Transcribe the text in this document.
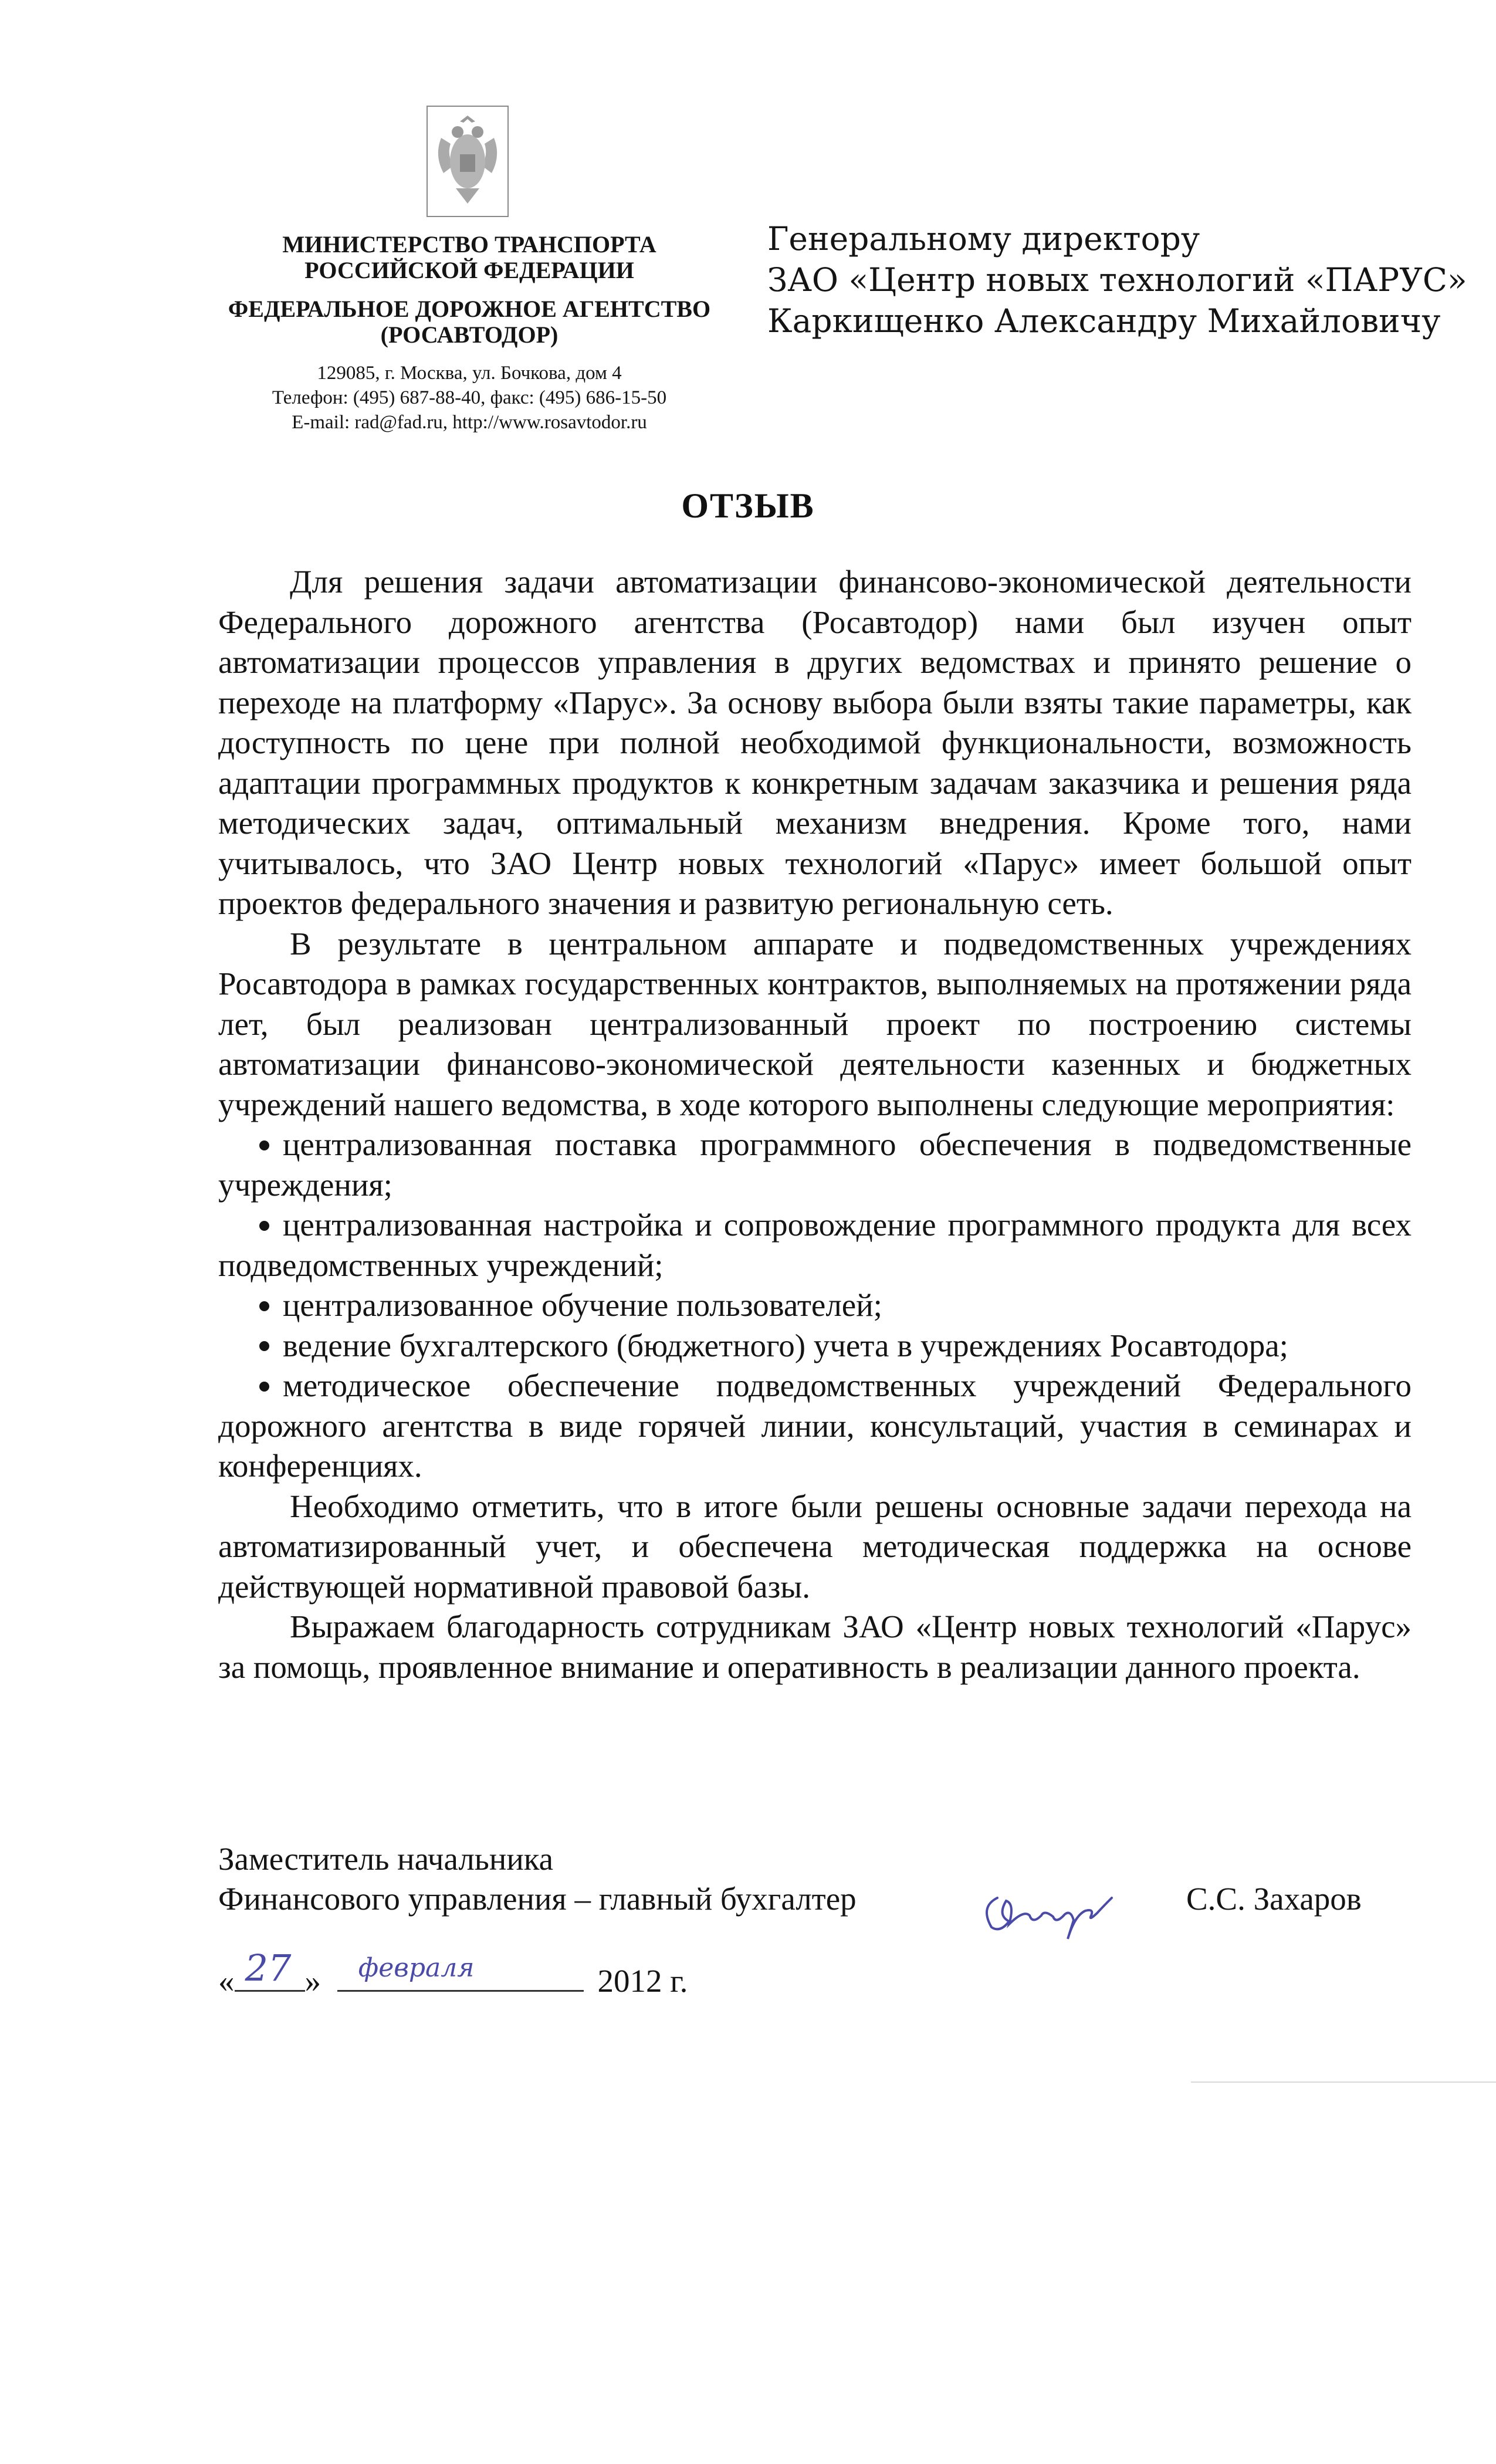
МИНИСТЕРСТВО ТРАНСПОРТА
РОССИЙСКОЙ ФЕДЕРАЦИИ
ФЕДЕРАЛЬНОЕ ДОРОЖНОЕ АГЕНТСТВО
(РОСАВТОДОР)
129085, г. Москва, ул. Бочкова, дом 4
Телефон: (495) 687-88-40, факс: (495) 686-15-50
E-mail: rad@fad.ru, http://www.rosavtodor.ru
Генеральному директору
ЗАО «Центр новых технологий «ПАРУС»
Каркищенко Александру Михайловичу
ОТЗЫВ

Для решения задачи автоматизации финансово-экономической деятельности Федерального дорожного агентства (Росавтодор) нами был изучен опыт автоматизации процессов управления в других ведомствах и принято решение о переходе на платформу «Парус». За основу выбора были взяты такие параметры, как доступность по цене при полной необходимой функциональности, возможность адаптации программных продуктов к конкретным задачам заказчика и решения ряда методических задач, оптимальный механизм внедрения. Кроме того, нами учитывалось, что ЗАО Центр новых технологий «Парус» имеет большой опыт проектов федерального значения и развитую региональную сеть.

В результате в центральном аппарате и подведомственных учреждениях Росавтодора в рамках государственных контрактов, выполняемых на протяжении ряда лет, был реализован централизованный проект по построению системы автоматизации финансово-экономической деятельности казенных и бюджетных учреждений нашего ведомства, в ходе которого выполнены следующие мероприятия:

централизованная поставка программного обеспечения в подведомственные учреждения;
централизованная настройка и сопровождение программного продукта для всех подведомственных учреждений;
централизованное обучение пользователей;
ведение бухгалтерского (бюджетного) учета в учреждениях Росавтодора;
методическое обеспечение подведомственных учреждений Федерального дорожного агентства в виде горячей линии, консультаций, участия в семинарах и конференциях.

Необходимо отметить, что в итоге были решены основные задачи перехода на автоматизированный учет, и обеспечена методическая поддержка на основе действующей нормативной правовой базы.

Выражаем благодарность сотрудникам ЗАО «Центр новых технологий «Парус» за помощь, проявленное внимание и оперативность в реализации данного проекта.

Заместитель начальника
Финансового управления – главный бухгалтер	С.С. Захаров
« 27 » февраля	2012 г.
